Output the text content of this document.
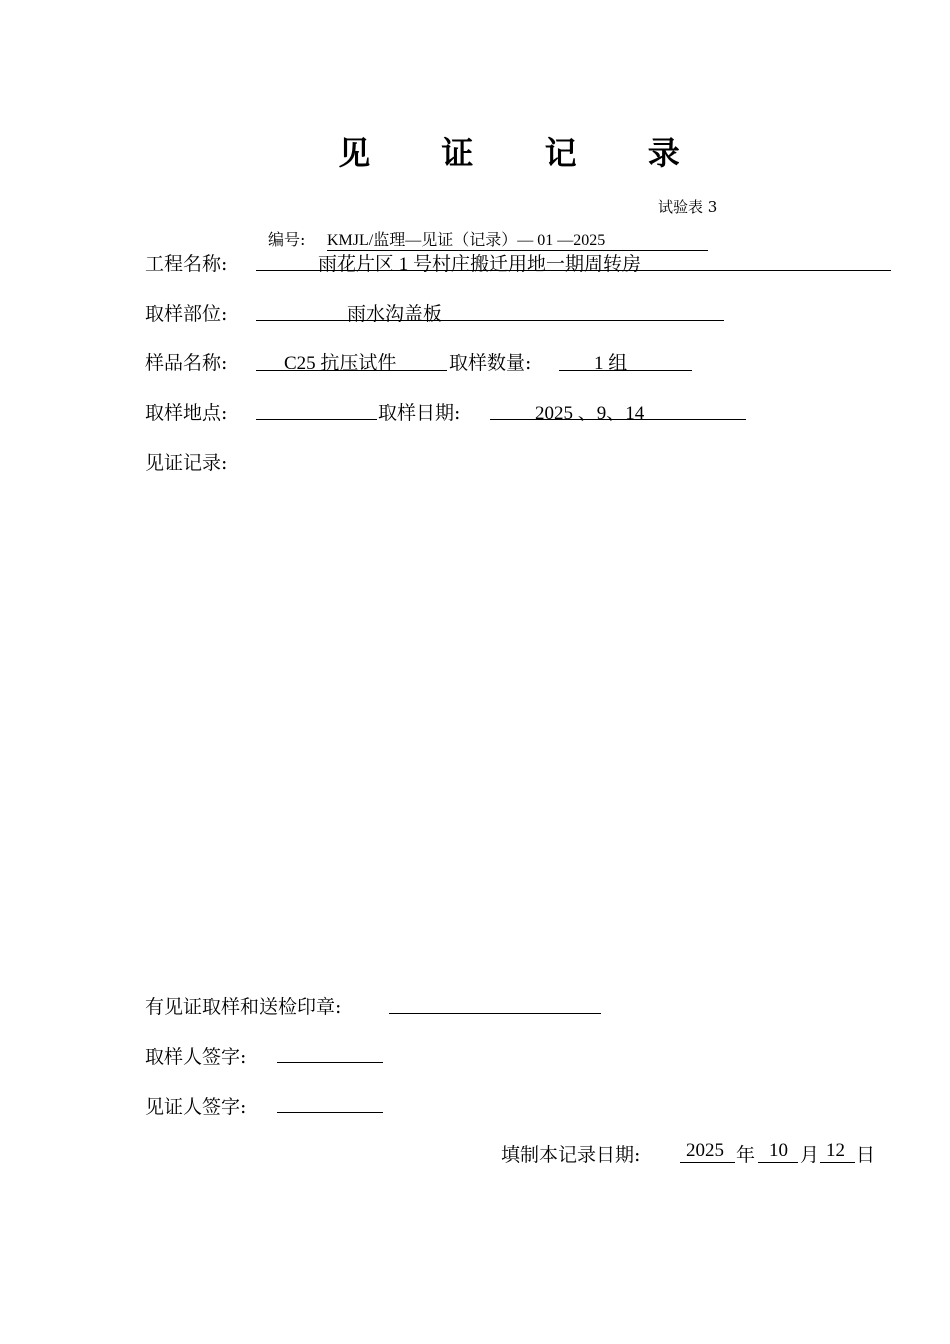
见 证 记 录
试验表 3
编号: KMJL/监理—见证（记录）— 01 —2025
工程名称:	雨花片区 1 号村庄搬迁用地一期周转房
取样部位:	雨水沟盖板
样品名称:	C25 抗压试件	取样数量:	1 组
取样地点:	取样日期:	2025 、9、14
见证记录:
有见证取样和送检印章:
取样人签字:
见证人签字:
填制本记录日期: 2025 年 10 月 12 日
